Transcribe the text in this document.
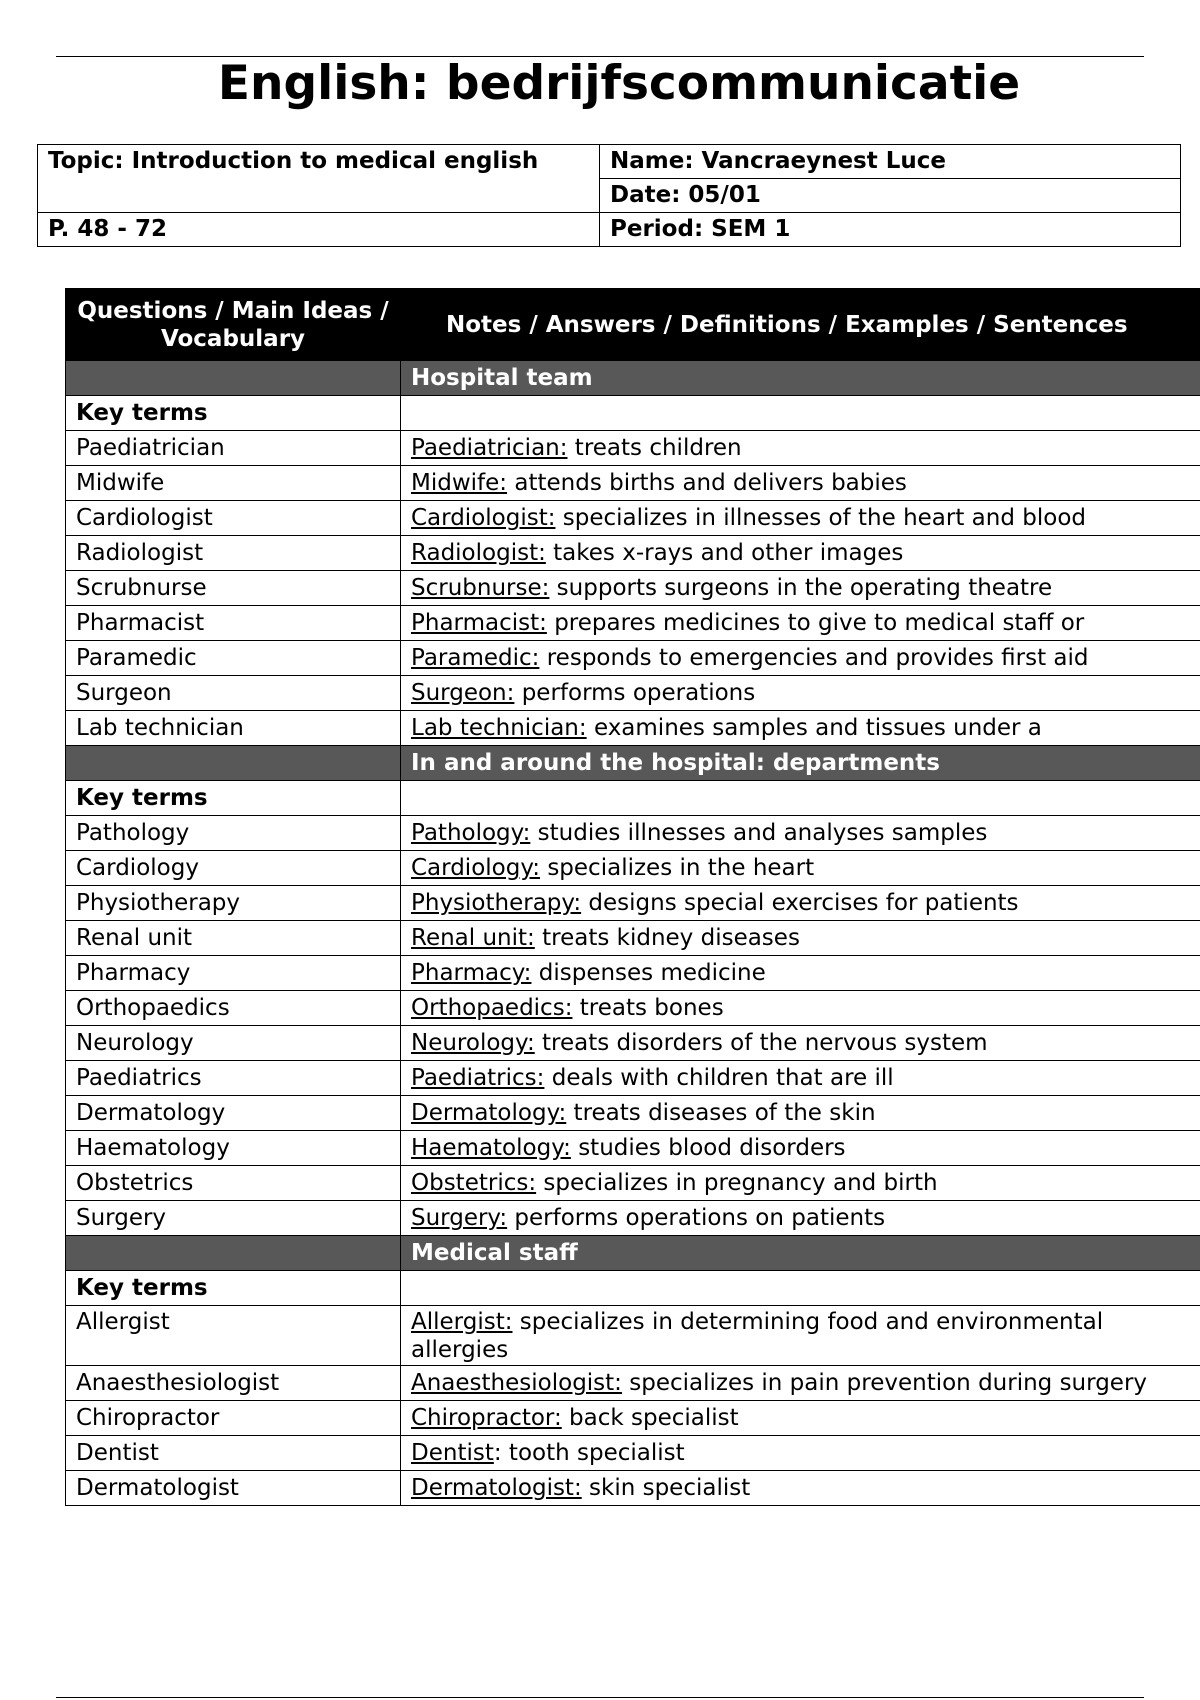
English: bedrijfscommunicatie
Topic: Introduction to medical english	Name: Vancraeynest Luce
	Date: 05/01
P. 48 - 72	Period: SEM 1
Questions / Main Ideas / Vocabulary	Notes / Answers / Definitions / Examples / Sentences
	Hospital team
Key terms	
Paediatrician	Paediatrician: treats children
Midwife	Midwife: attends births and delivers babies
Cardiologist	Cardiologist: specializes in illnesses of the heart and blood
Radiologist	Radiologist: takes x-rays and other images
Scrubnurse	Scrubnurse: supports surgeons in the operating theatre
Pharmacist	Pharmacist: prepares medicines to give to medical staff or
Paramedic	Paramedic: responds to emergencies and provides first aid
Surgeon	Surgeon: performs operations
Lab technician	Lab technician: examines samples and tissues under a
	In and around the hospital: departments
Key terms	
Pathology	Pathology: studies illnesses and analyses samples
Cardiology	Cardiology: specializes in the heart
Physiotherapy	Physiotherapy: designs special exercises for patients
Renal unit	Renal unit: treats kidney diseases
Pharmacy	Pharmacy: dispenses medicine
Orthopaedics	Orthopaedics: treats bones
Neurology	Neurology: treats disorders of the nervous system
Paediatrics	Paediatrics: deals with children that are ill
Dermatology	Dermatology: treats diseases of the skin
Haematology	Haematology: studies blood disorders
Obstetrics	Obstetrics: specializes in pregnancy and birth
Surgery	Surgery: performs operations on patients
	Medical staff
Key terms	
Allergist	Allergist: specializes in determining food and environmental allergies
Anaesthesiologist	Anaesthesiologist: specializes in pain prevention during surgery
Chiropractor	Chiropractor: back specialist
Dentist	Dentist: tooth specialist
Dermatologist	Dermatologist: skin specialist
